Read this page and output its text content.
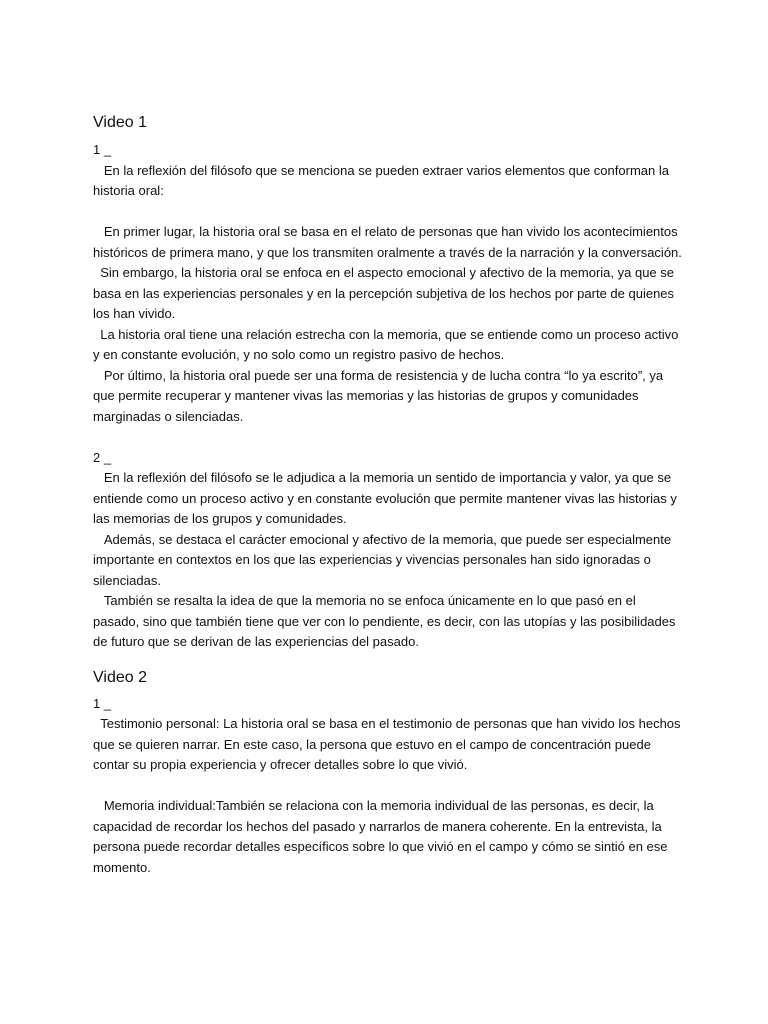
Video 1

1 _

En la reflexión del filósofo que se menciona se pueden extraer varios elementos que conforman la historia oral:

En primer lugar, la historia oral se basa en el relato de personas que han vivido los acontecimientos históricos de primera mano, y que los transmiten oralmente a través de la narración y la conversación.

Sin embargo, la historia oral se enfoca en el aspecto emocional y afectivo de la memoria, ya que se basa en las experiencias personales y en la percepción subjetiva de los hechos por parte de quienes los han vivido.

La historia oral tiene una relación estrecha con la memoria, que se entiende como un proceso activo y en constante evolución, y no solo como un registro pasivo de hechos.

Por último, la historia oral puede ser una forma de resistencia y de lucha contra “lo ya escrito”, ya que permite recuperar y mantener vivas las memorias y las historias de grupos y comunidades marginadas o silenciadas.

2 _

En la reflexión del filósofo se le adjudica a la memoria un sentido de importancia y valor, ya que se entiende como un proceso activo y en constante evolución que permite mantener vivas las historias y las memorias de los grupos y comunidades.

Además, se destaca el carácter emocional y afectivo de la memoria, que puede ser especialmente importante en contextos en los que las experiencias y vivencias personales han sido ignoradas o silenciadas.

También se resalta la idea de que la memoria no se enfoca únicamente en lo que pasó en el pasado, sino que también tiene que ver con lo pendiente, es decir, con las utopías y las posibilidades de futuro que se derivan de las experiencias del pasado.

Video 2

1 _

Testimonio personal: La historia oral se basa en el testimonio de personas que han vivido los hechos que se quieren narrar. En este caso, la persona que estuvo en el campo de concentración puede contar su propia experiencia y ofrecer detalles sobre lo que vivió.

Memoria individual:También se relaciona con la memoria individual de las personas, es decir, la capacidad de recordar los hechos del pasado y narrarlos de manera coherente. En la entrevista, la persona puede recordar detalles específicos sobre lo que vivió en el campo y cómo se sintió en ese momento.
